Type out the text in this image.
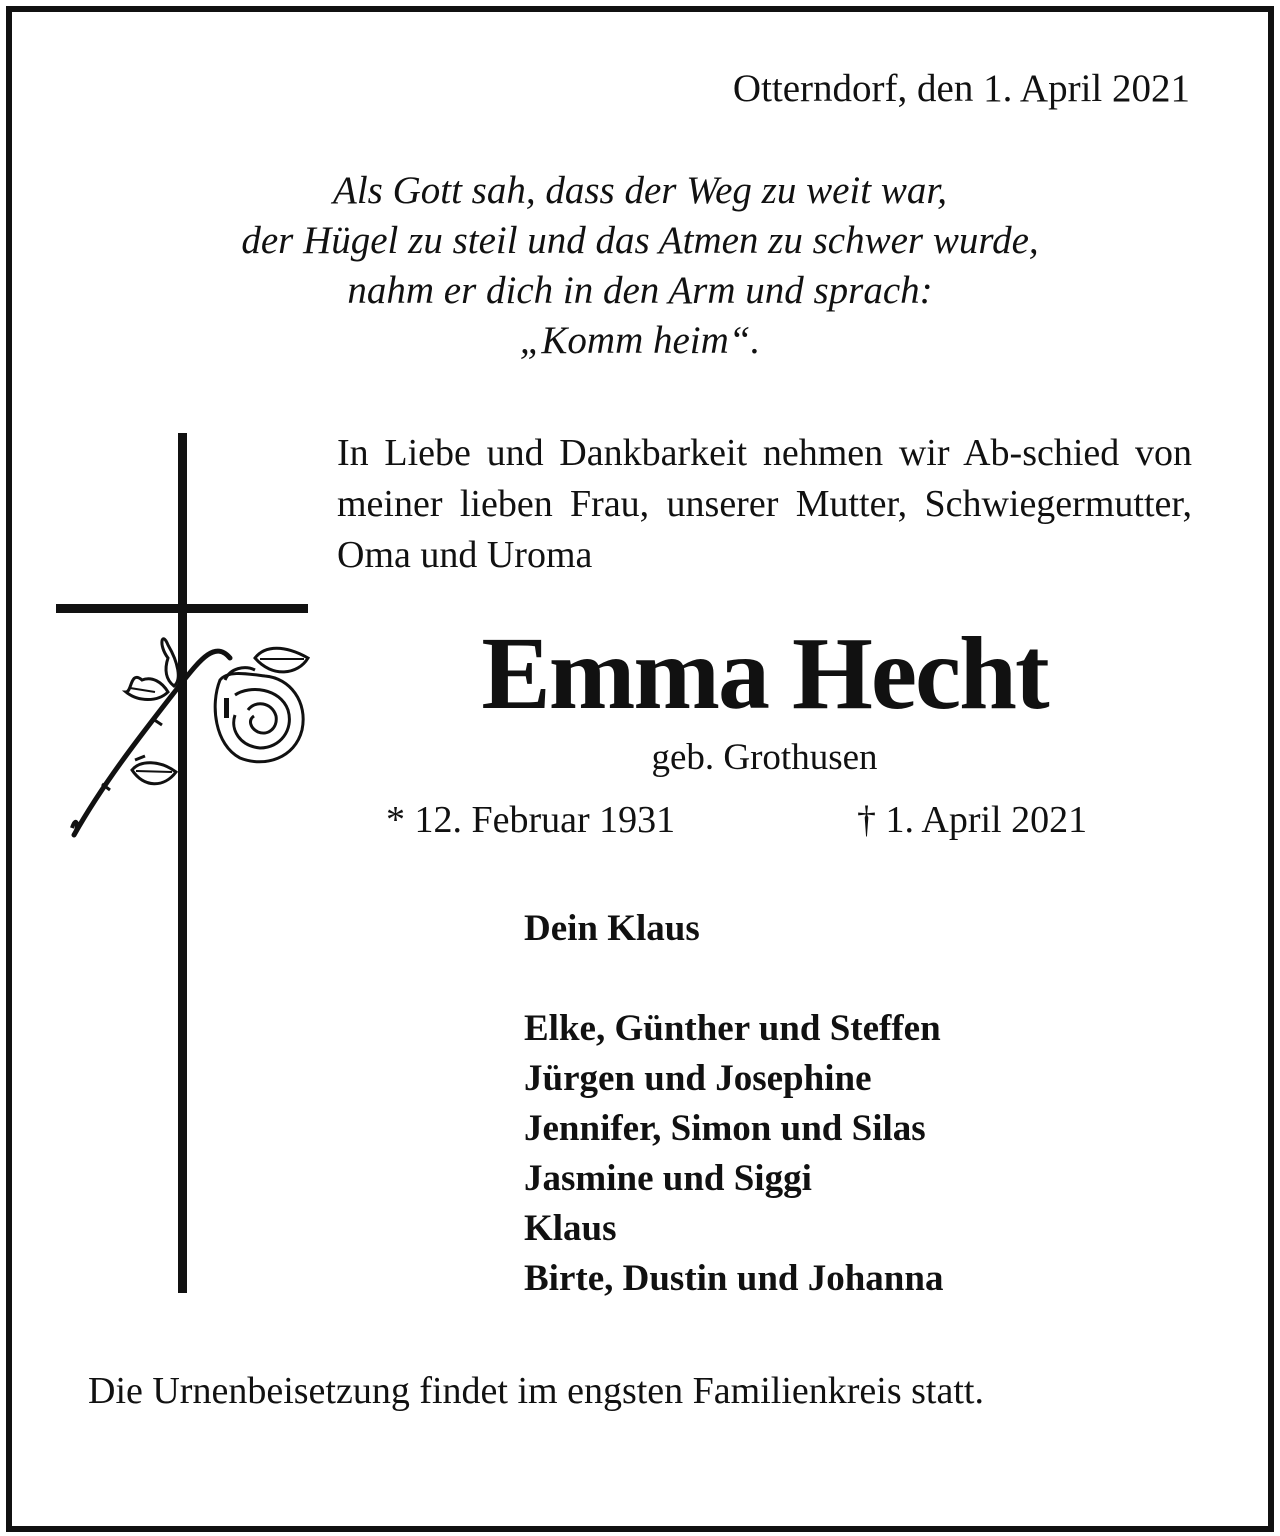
Otterndorf, den 1. April 2021
Als Gott sah, dass der Weg zu weit war,
der Hügel zu steil und das Atmen zu schwer wurde,
nahm er dich in den Arm und sprach:
„Komm heim“.
In Liebe und Dankbarkeit nehmen wir Ab-schied von meiner lieben Frau, unserer Mutter, Schwiegermutter, Oma und Uroma
Emma Hecht
geb. Grothusen
* 12. Februar 1931	† 1. April 2021
Dein Klaus
Elke, Günther und Steffen
Jürgen und Josephine
Jennifer, Simon und Silas
Jasmine und Siggi
Klaus
Birte, Dustin und Johanna
Die Urnenbeisetzung findet im engsten Familienkreis statt.
